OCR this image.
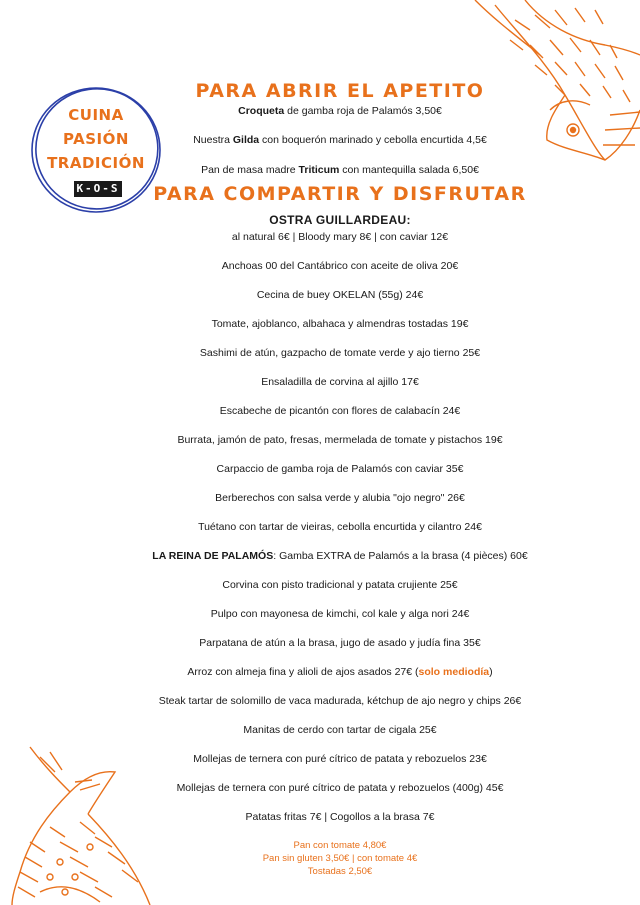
CUINA
PASIÓN
TRADICIÓN
K-O-S
PARA ABRIR EL APETITO
Croqueta de gamba roja de Palamós 3,50€
Nuestra Gilda con boquerón marinado y cebolla encurtida 4,5€
Pan de masa madre Triticum con mantequilla salada 6,50€
PARA COMPARTIR Y DISFRUTAR
OSTRA GUILLARDEAU:
al natural 6€ | Bloody mary 8€ | con caviar 12€
Anchoas 00 del Cantábrico con aceite de oliva 20€
Cecina de buey OKELAN (55g) 24€
Tomate, ajoblanco, albahaca y almendras tostadas 19€
Sashimi de atún, gazpacho de tomate verde y ajo tierno 25€
Ensaladilla de corvina al ajillo 17€
Escabeche de picantón con flores de calabacín 24€
Burrata, jamón de pato, fresas, mermelada de tomate y pistachos 19€
Carpaccio de gamba roja de Palamós con caviar 35€
Berberechos con salsa verde y alubia "ojo negro" 26€
Tuétano con tartar de vieiras, cebolla encurtida y cilantro 24€
LA REINA DE PALAMÓS: Gamba EXTRA de Palamós a la brasa (4 pièces) 60€
Corvina con pisto tradicional y patata crujiente 25€
Pulpo con mayonesa de kimchi, col kale y alga nori 24€
Parpatana de atún a la brasa, jugo de asado y judía fina 35€
Arroz con almeja fina y alioli de ajos asados 27€ (solo mediodía)
Steak tartar de solomillo de vaca madurada, kétchup de ajo negro y chips 26€
Manitas de cerdo con tartar de cigala 25€
Mollejas de ternera con puré cítrico de patata y rebozuelos 23€
Mollejas de ternera con puré cítrico de patata y rebozuelos (400g) 45€
Patatas fritas 7€ | Cogollos a la brasa 7€
Pan con tomate 4,80€
Pan sin gluten 3,50€ | con tomate 4€
Tostadas 2,50€
